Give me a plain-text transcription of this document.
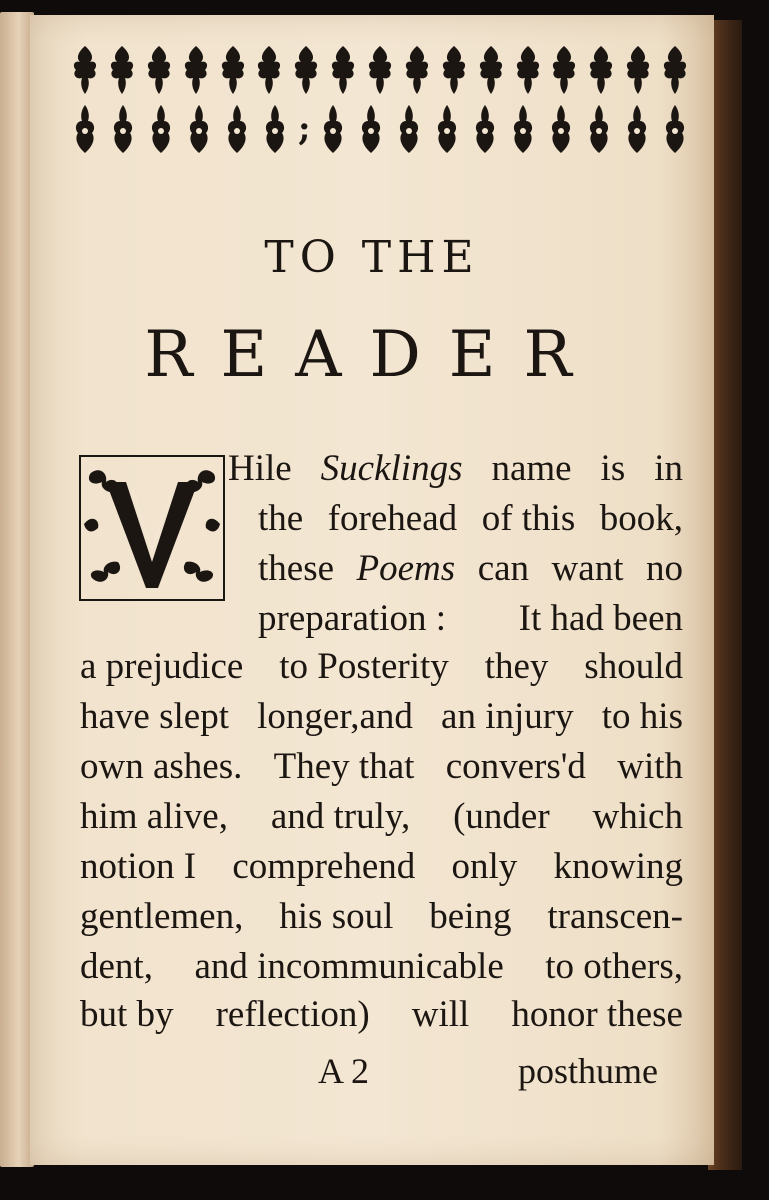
;
TO THE
READER
Hile Sucklings name is in
the forehead of this book,
these Poems can want no
preparation : It had been
a prejudice to Posterity they should
have slept longer,and an injury to his
own ashes. They that convers'd with
him alive, and truly, (under which
notion I comprehend only knowing
gentlemen, his soul being transcen-
dent, and incommunicable to others,
but by reflection) will honor these
A 2	posthume
